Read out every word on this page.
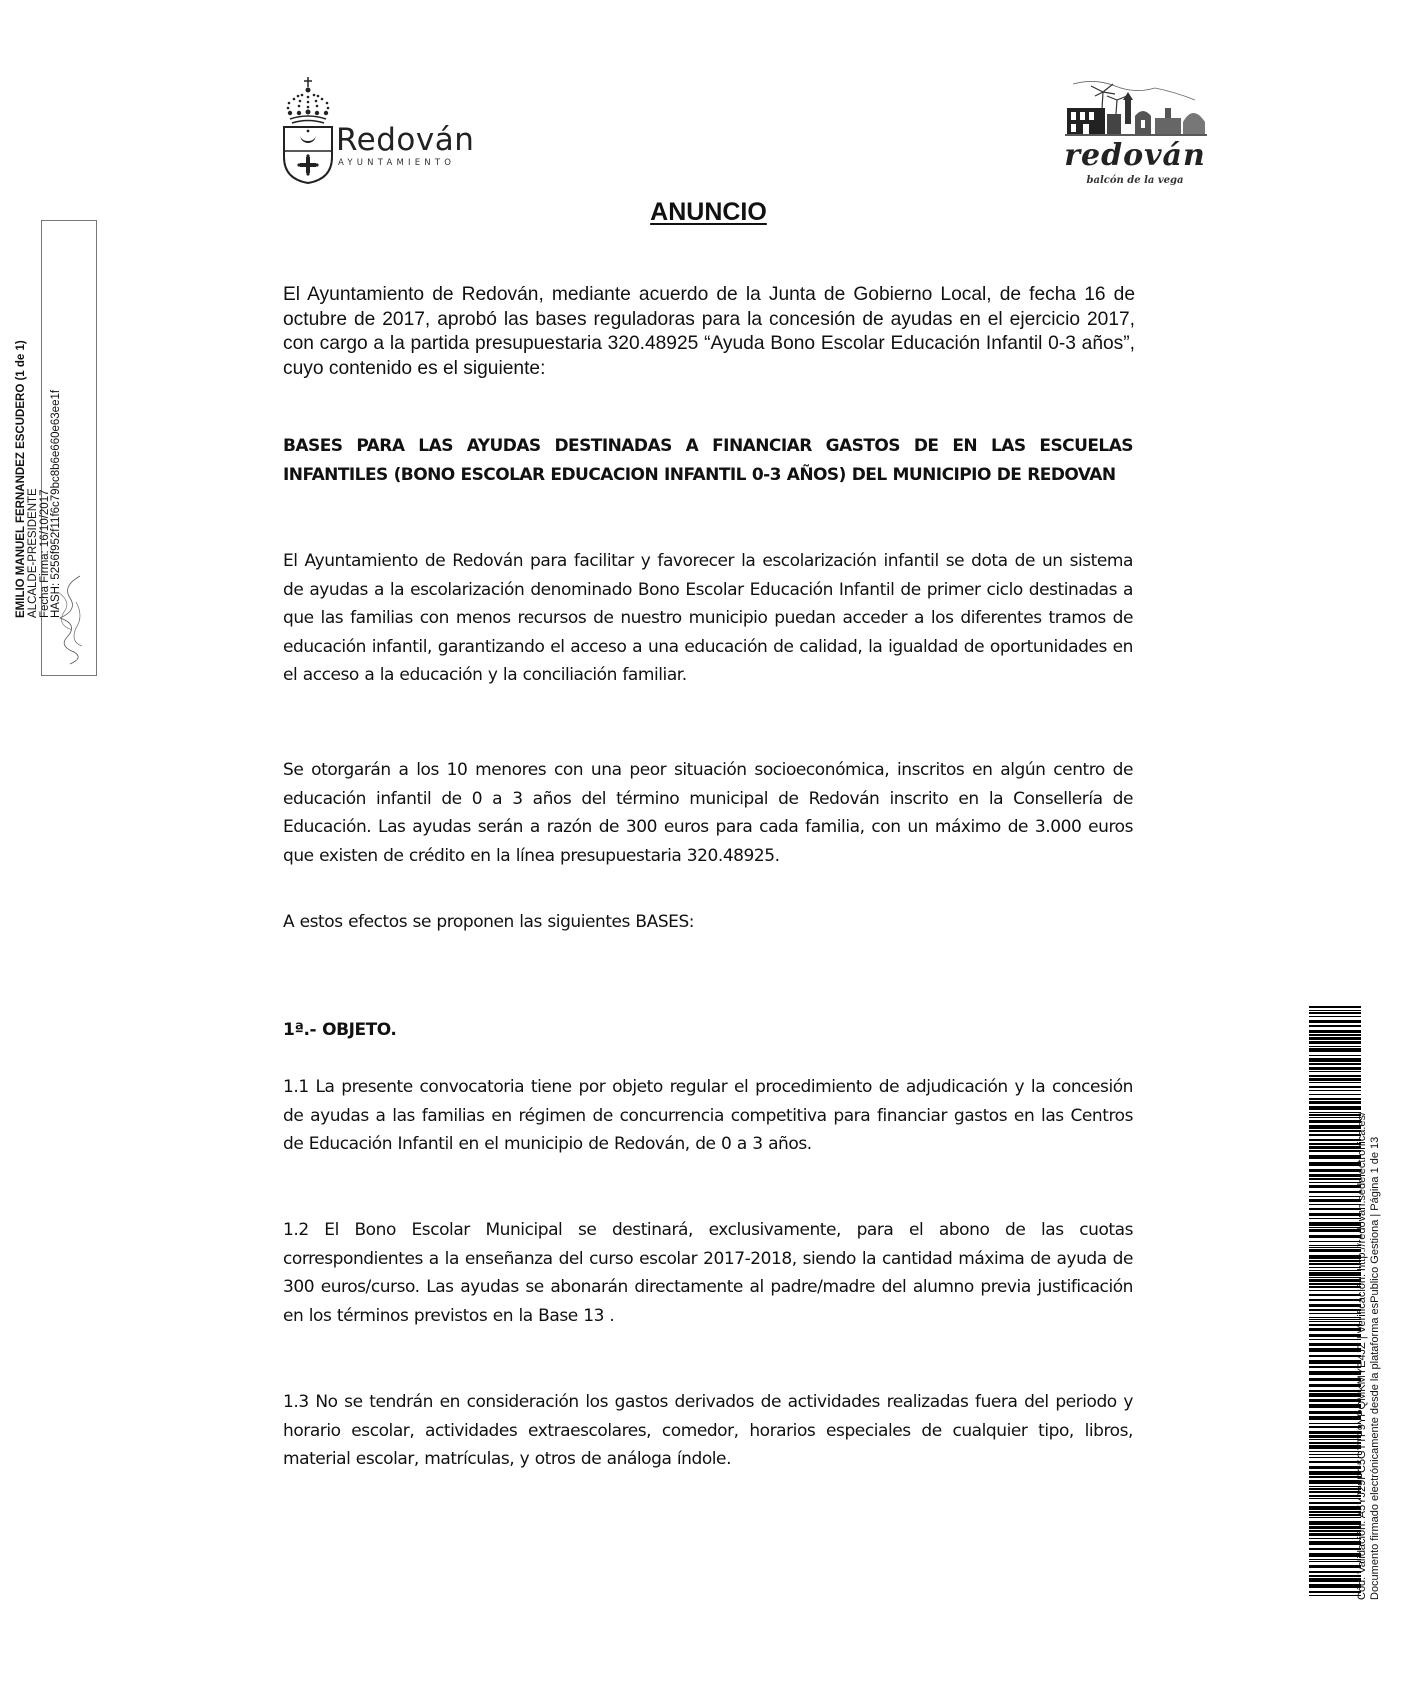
Redován
AYUNTAMIENTO	redován
balcón de la vega
ANUNCIO
El Ayuntamiento de Redován, mediante acuerdo de la Junta de Gobierno Local, de fecha 16 de octubre de 2017, aprobó las bases reguladoras para la concesión de ayudas en el ejercicio 2017, con cargo a la partida presupuestaria 320.48925 “Ayuda Bono Escolar Educación Infantil 0-3 años”, cuyo contenido es el siguiente:
BASES PARA LAS AYUDAS DESTINADAS A FINANCIAR GASTOS DE EN LAS ESCUELAS INFANTILES (BONO ESCOLAR EDUCACION INFANTIL 0-3 AÑOS) DEL MUNICIPIO DE REDOVAN
El Ayuntamiento de Redován para facilitar y favorecer la escolarización infantil se dota de un sistema de ayudas a la escolarización denominado Bono Escolar Educación Infantil de primer ciclo destinadas a que las familias con menos recursos de nuestro municipio puedan acceder a los diferentes tramos de educación infantil, garantizando el acceso a una educación de calidad, la igualdad de oportunidades en el acceso a la educación y la conciliación familiar.
Se otorgarán a los 10 menores con una peor situación socioeconómica, inscritos en algún centro de educación infantil de 0 a 3 años del término municipal de Redován inscrito en la Consellería de Educación. Las ayudas serán a razón de 300 euros para cada familia, con un máximo de 3.000 euros que existen de crédito en la línea presupuestaria 320.48925.
A estos efectos se proponen las siguientes BASES:
1ª.- OBJETO.
1.1 La presente convocatoria tiene por objeto regular el procedimiento de adjudicación y la concesión de ayudas a las familias en régimen de concurrencia competitiva para financiar gastos en las Centros de Educación Infantil en el municipio de Redován, de 0 a 3 años.
1.2 El Bono Escolar Municipal se destinará, exclusivamente, para el abono de las cuotas correspondientes a la enseñanza del curso escolar 2017-2018, siendo la cantidad máxima de ayuda de 300 euros/curso. Las ayudas se abonarán directamente al padre/madre del alumno previa justificación en los términos previstos en la Base 13 .
1.3 No se tendrán en consideración los gastos derivados de actividades realizadas fuera del periodo y horario escolar, actividades extraescolares, comedor, horarios especiales de cualquier tipo, libros, material escolar, matrículas, y otros de análoga índole.
EMILIO MANUEL FERNANDEZ ESCUDERO (1 de 1) ALCALDE-PRESIDENTE Fecha Firma: 16/10/2017 HASH: 5256f952f11f6c79bc8b6e660e63ee1f
Cód. Validación: A5YJ29FC5GTTF9YPQMKMYE4JZ | Verificación: http://redovan.sedelectronica.es/ Documento firmado electrónicamente desde la plataforma esPublico Gestiona | Página 1 de 13
